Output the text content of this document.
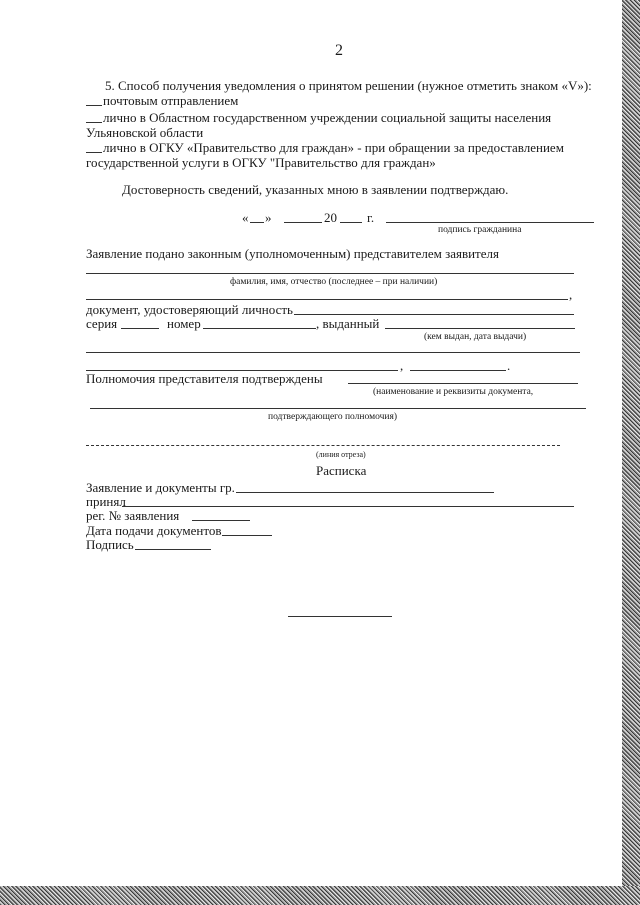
2
5. Способ получения уведомления о принятом решении (нужное отметить знаком «V»):
почтовым отправлением
лично в Областном государственном учреждении социальной защиты населения
Ульяновской области
лично в ОГКУ «Правительство для граждан» - при обращении за предоставлением
государственной услуги в ОГКУ "Правительство для граждан»
Достоверность сведений, указанных мною в заявлении подтверждаю.
« »	20 г.
подпись гражданина
Заявление подано законным (уполномоченным) представителем заявителя
фамилия, имя, отчество (последнее – при наличии)
,
документ, удостоверяющий личность
серия	номер	, выданный
(кем выдан, дата выдачи)
,	.
Полномочия представителя подтверждены
(наименование и реквизиты документа,
подтверждающего полномочия)
(линия отреза)
Расписка
Заявление и документы гр.
принял
рег. № заявления
Дата подачи документов
Подпись
